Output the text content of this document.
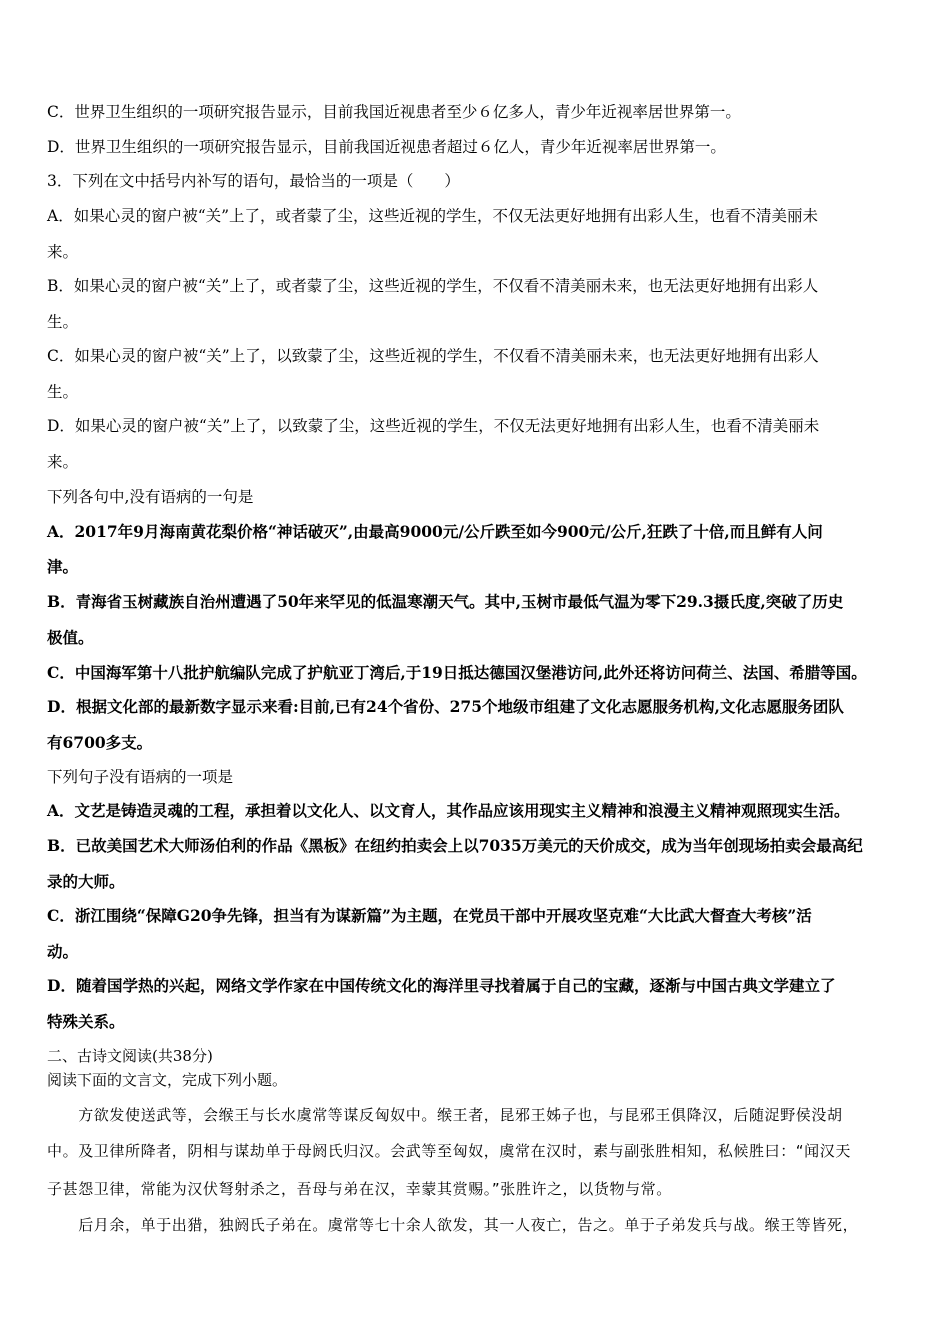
C．世界卫生组织的一项研究报告显示，目前我国近视患者至少６亿多人，青少年近视率居世界第一。
D．世界卫生组织的一项研究报告显示，目前我国近视患者超过６亿人，青少年近视率居世界第一。
3．下列在文中括号内补写的语句，最恰当的一项是（　　）
A．如果心灵的窗户被“关”上了，或者蒙了尘，这些近视的学生，不仅无法更好地拥有出彩人生，也看不清美丽未
来。
B．如果心灵的窗户被“关”上了，或者蒙了尘，这些近视的学生，不仅看不清美丽未来，也无法更好地拥有出彩人
生。
C．如果心灵的窗户被“关”上了，以致蒙了尘，这些近视的学生，不仅看不清美丽未来，也无法更好地拥有出彩人
生。
D．如果心灵的窗户被“关”上了，以致蒙了尘，这些近视的学生，不仅无法更好地拥有出彩人生，也看不清美丽未
来。
下列各句中,没有语病的一句是
A．2017年9月海南黄花梨价格“神话破灭”,由最高9000元/公斤跌至如今900元/公斤,狂跌了十倍,而且鲜有人问
津。
B．青海省玉树藏族自治州遭遇了50年来罕见的低温寒潮天气。其中,玉树市最低气温为零下29.3摄氏度,突破了历史
极值。
C．中国海军第十八批护航编队完成了护航亚丁湾后,于19日抵达德国汉堡港访问,此外还将访问荷兰、法国、希腊等国。
D．根据文化部的最新数字显示来看:目前,已有24个省份、275个地级市组建了文化志愿服务机构,文化志愿服务团队
有6700多支。
下列句子没有语病的一项是
A．文艺是铸造灵魂的工程，承担着以文化人、以文育人，其作品应该用现实主义精神和浪漫主义精神观照现实生活。
B．已故美国艺术大师汤伯利的作品《黑板》在纽约拍卖会上以7035万美元的天价成交，成为当年创现场拍卖会最高纪
录的大师。
C．浙江围绕“保障G20争先锋，担当有为谋新篇”为主题，在党员干部中开展攻坚克难“大比武大督查大考核”活
动。
D．随着国学热的兴起，网络文学作家在中国传统文化的海洋里寻找着属于自己的宝藏，逐渐与中国古典文学建立了
特殊关系。
二、古诗文阅读(共38分)
阅读下面的文言文，完成下列小题。
　　方欲发使送武等，会缑王与长水虞常等谋反匈奴中。缑王者，昆邪王姊子也，与昆邪王俱降汉，后随浞野侯没胡
中。及卫律所降者，阴相与谋劫单于母阏氏归汉。会武等至匈奴，虞常在汉时，素与副张胜相知，私候胜曰：“闻汉天
子甚怨卫律，常能为汉伏弩射杀之，吾母与弟在汉，幸蒙其赏赐。”张胜许之，以货物与常。
　　后月余，单于出猎，独阏氏子弟在。虞常等七十余人欲发，其一人夜亡，告之。单于子弟发兵与战。缑王等皆死，
